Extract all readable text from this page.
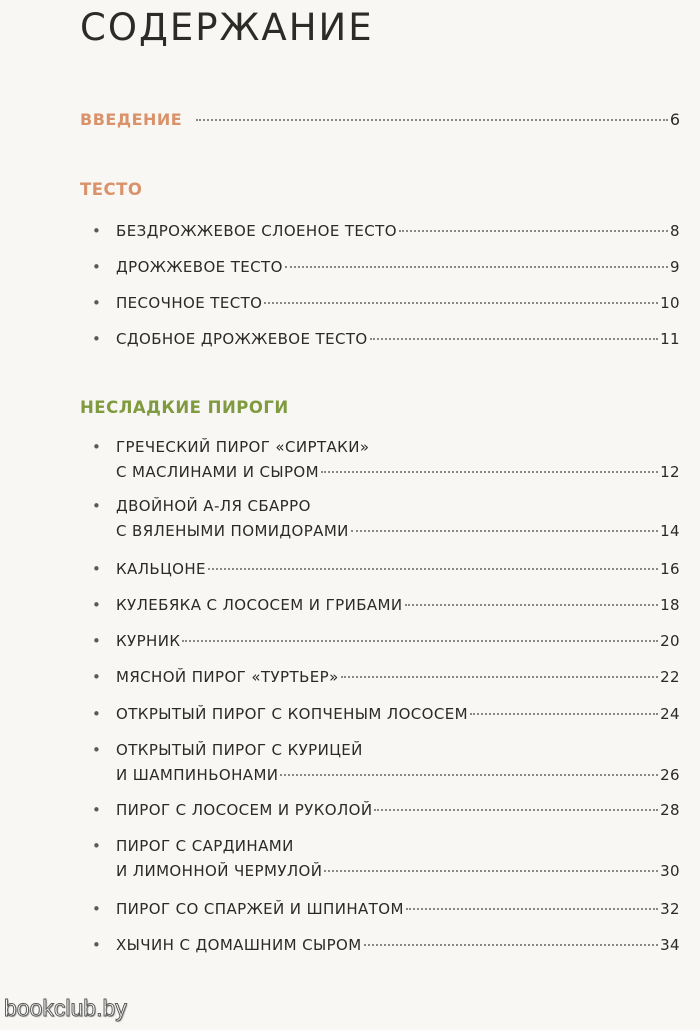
СОДЕРЖАНИЕ
ВВЕДЕНИЕ	6
ТЕСТО
• БЕЗДРОЖЖЕВОЕ СЛОЕНОЕ ТЕСТО	8
• ДРОЖЖЕВОЕ ТЕСТО	9
• ПЕСОЧНОЕ ТЕСТО	10
• СДОБНОЕ ДРОЖЖЕВОЕ ТЕСТО	11
НЕСЛАДКИЕ ПИРОГИ
• ГРЕЧЕСКИЙ ПИРОГ «СИРТАКИ»
С МАСЛИНАМИ И СЫРОМ	12
• ДВОЙНОЙ А-ЛЯ СБАРРО
С ВЯЛЕНЫМИ ПОМИДОРАМИ	14
• КАЛЬЦОНЕ	16
• КУЛЕБЯКА С ЛОСОСЕМ И ГРИБАМИ	18
• КУРНИК	20
• МЯСНОЙ ПИРОГ «ТУРТЬЕР»	22
• ОТКРЫТЫЙ ПИРОГ С КОПЧЕНЫМ ЛОСОСЕМ	24
• ОТКРЫТЫЙ ПИРОГ С КУРИЦЕЙ
И ШАМПИНЬОНАМИ	26
• ПИРОГ С ЛОСОСЕМ И РУКОЛОЙ	28
• ПИРОГ С САРДИНАМИ
И ЛИМОННОЙ ЧЕРМУЛОЙ	30
• ПИРОГ СО СПАРЖЕЙ И ШПИНАТОМ	32
• ХЫЧИН С ДОМАШНИМ СЫРОМ	34
bookclub.by
